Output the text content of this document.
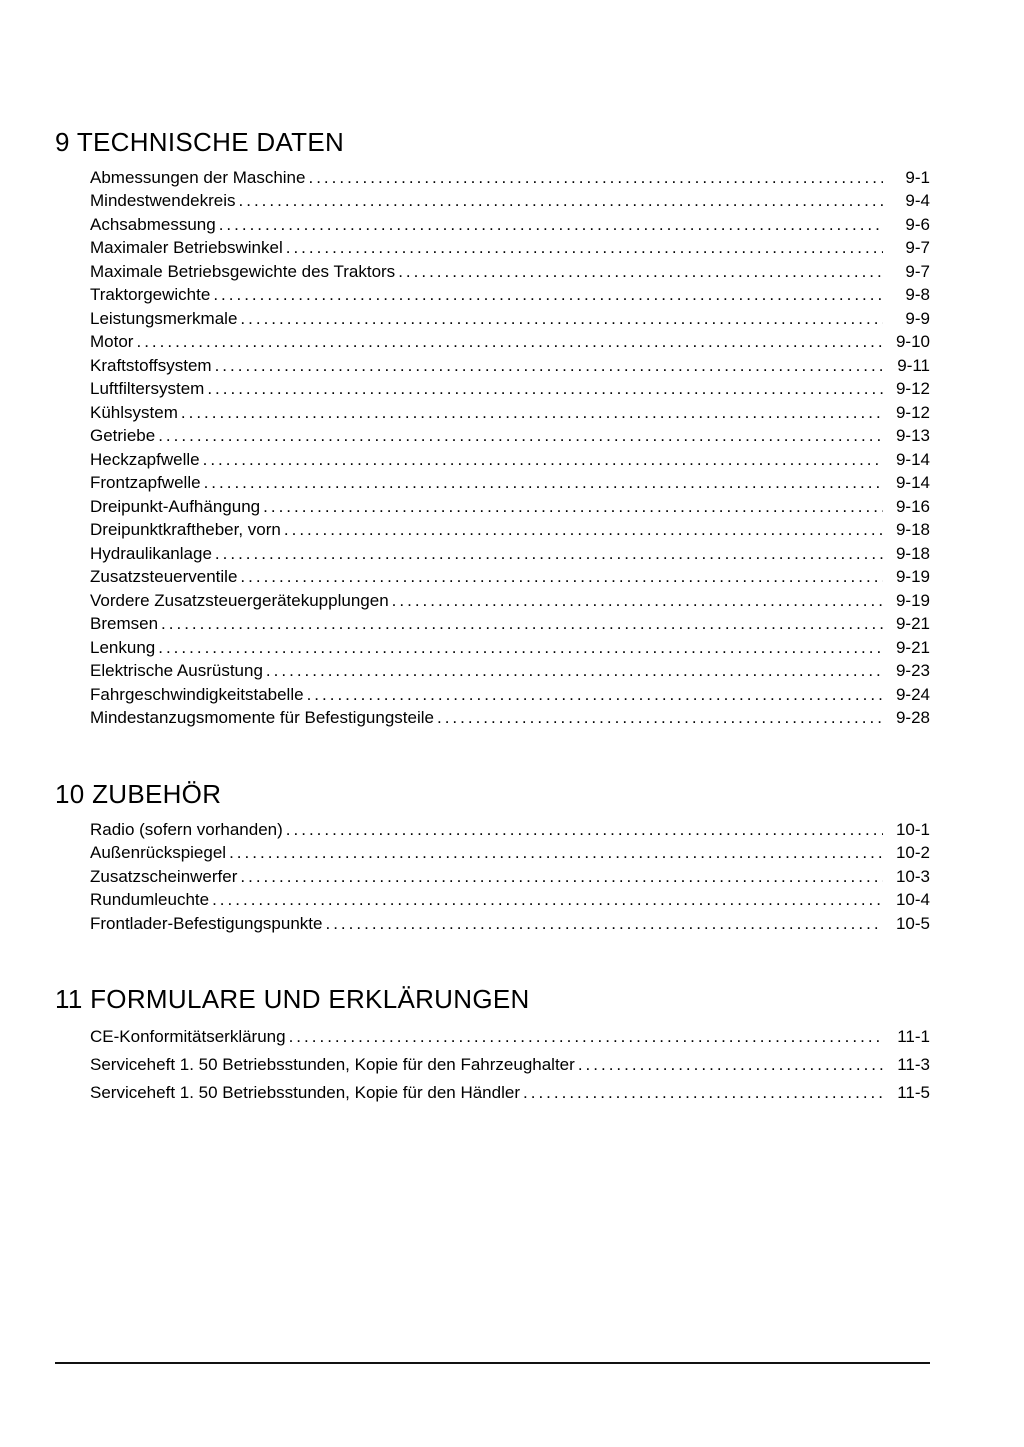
9 TECHNISCHE DATEN
Abmessungen der Maschine .....	9-1
Mindestwendekreis .....	9-4
Achsabmessung .....	9-6
Maximaler Betriebswinkel .....	9-7
Maximale Betriebsgewichte des Traktors .....	9-7
Traktorgewichte .....	9-8
Leistungsmerkmale .....	9-9
Motor .....	9-10
Kraftstoffsystem .....	9-11
Luftfiltersystem .....	9-12
Kühlsystem .....	9-12
Getriebe .....	9-13
Heckzapfwelle .....	9-14
Frontzapfwelle .....	9-14
Dreipunkt-Aufhängung .....	9-16
Dreipunktkraftheber, vorn .....	9-18
Hydraulikanlage .....	9-18
Zusatzsteuerventile .....	9-19
Vordere Zusatzsteuergerätekupplungen .....	9-19
Bremsen .....	9-21
Lenkung .....	9-21
Elektrische Ausrüstung .....	9-23
Fahrgeschwindigkeitstabelle .....	9-24
Mindestanzugsmomente für Befestigungsteile .....	9-28
10 ZUBEHÖR
Radio (sofern vorhanden) .....	10-1
Außenrückspiegel .....	10-2
Zusatzscheinwerfer .....	10-3
Rundumleuchte .....	10-4
Frontlader-Befestigungspunkte .....	10-5
11 FORMULARE UND ERKLÄRUNGEN
CE-Konformitätserklärung .....	11-1
Serviceheft 1. 50 Betriebsstunden, Kopie für den Fahrzeughalter .....	11-3
Serviceheft 1. 50 Betriebsstunden, Kopie für den Händler .....	11-5
